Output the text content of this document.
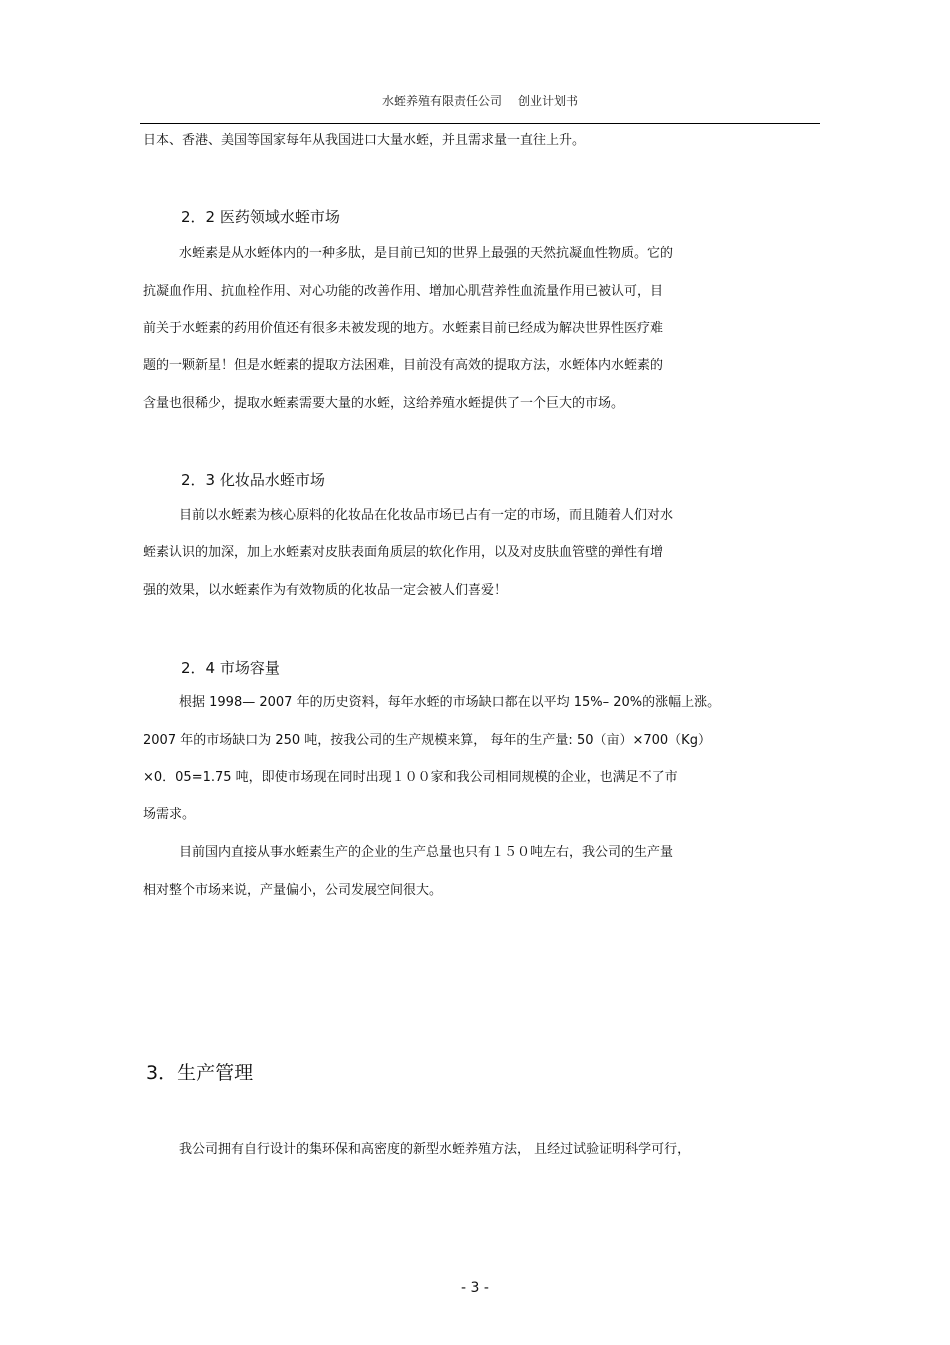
水蛭养殖有限责任公司 创业计划书
日本、香港、美国等国家每年从我国进口大量水蛭，并且需求量一直往上升。
2．2 医药领域水蛭市场
水蛭素是从水蛭体内的一种多肽，是目前已知的世界上最强的天然抗凝血性物质。它的
抗凝血作用、抗血栓作用、对心功能的改善作用、增加心肌营养性血流量作用已被认可，目
前关于水蛭素的药用价值还有很多未被发现的地方。水蛭素目前已经成为解决世界性医疗难
题的一颗新星！但是水蛭素的提取方法困难，目前没有高效的提取方法，水蛭体内水蛭素的
含量也很稀少，提取水蛭素需要大量的水蛭，这给养殖水蛭提供了一个巨大的市场。
2．3 化妆品水蛭市场
目前以水蛭素为核心原料的化妆品在化妆品市场已占有一定的市场，而且随着人们对水
蛭素认识的加深，加上水蛭素对皮肤表面角质层的软化作用，以及对皮肤血管壁的弹性有增
强的效果，以水蛭素作为有效物质的化妆品一定会被人们喜爱！
2．4 市场容量
根据 1998— 2007 年的历史资料，每年水蛭的市场缺口都在以平均 15%– 20%的涨幅上涨。
2007 年的市场缺口为 250 吨，按我公司的生产规模来算， 每年的生产量: 50（亩）×700（Kg）
×0．05=1.75 吨，即使市场现在同时出现１００家和我公司相同规模的企业，也满足不了市
场需求。
目前国内直接从事水蛭素生产的企业的生产总量也只有１５０吨左右，我公司的生产量
相对整个市场来说，产量偏小，公司发展空间很大。
3．生产管理
我公司拥有自行设计的集环保和高密度的新型水蛭养殖方法， 且经过试验证明科学可行，
- 3 -
